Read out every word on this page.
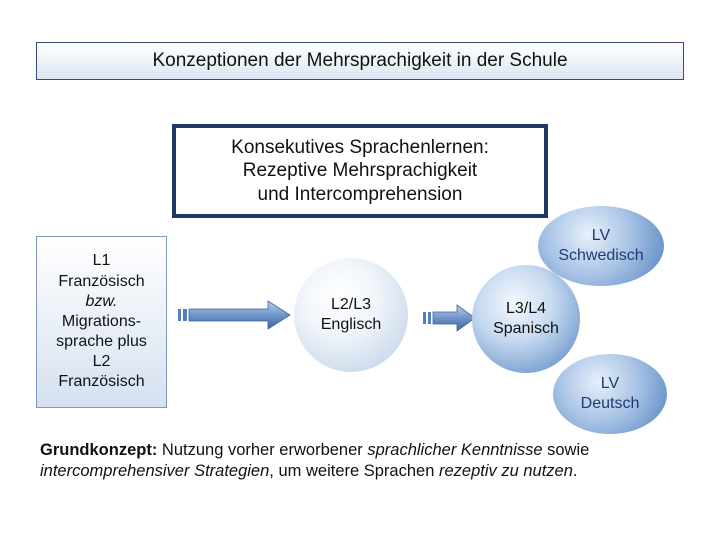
Konzeptionen der Mehrsprachigkeit in der Schule
Konsekutives Sprachenlernen:
Rezeptive Mehrsprachigkeit
und Intercomprehension
L1
Französisch
bzw.
Migrations-
sprache plus
L2
Französisch
LV
Schwedisch
L2/L3
Englisch
L3/L4
Spanisch
LV
Deutsch
Grundkonzept: Nutzung vorher erworbener sprachlicher Kenntnisse sowie intercomprehensiver Strategien, um weitere Sprachen rezeptiv zu nutzen.
